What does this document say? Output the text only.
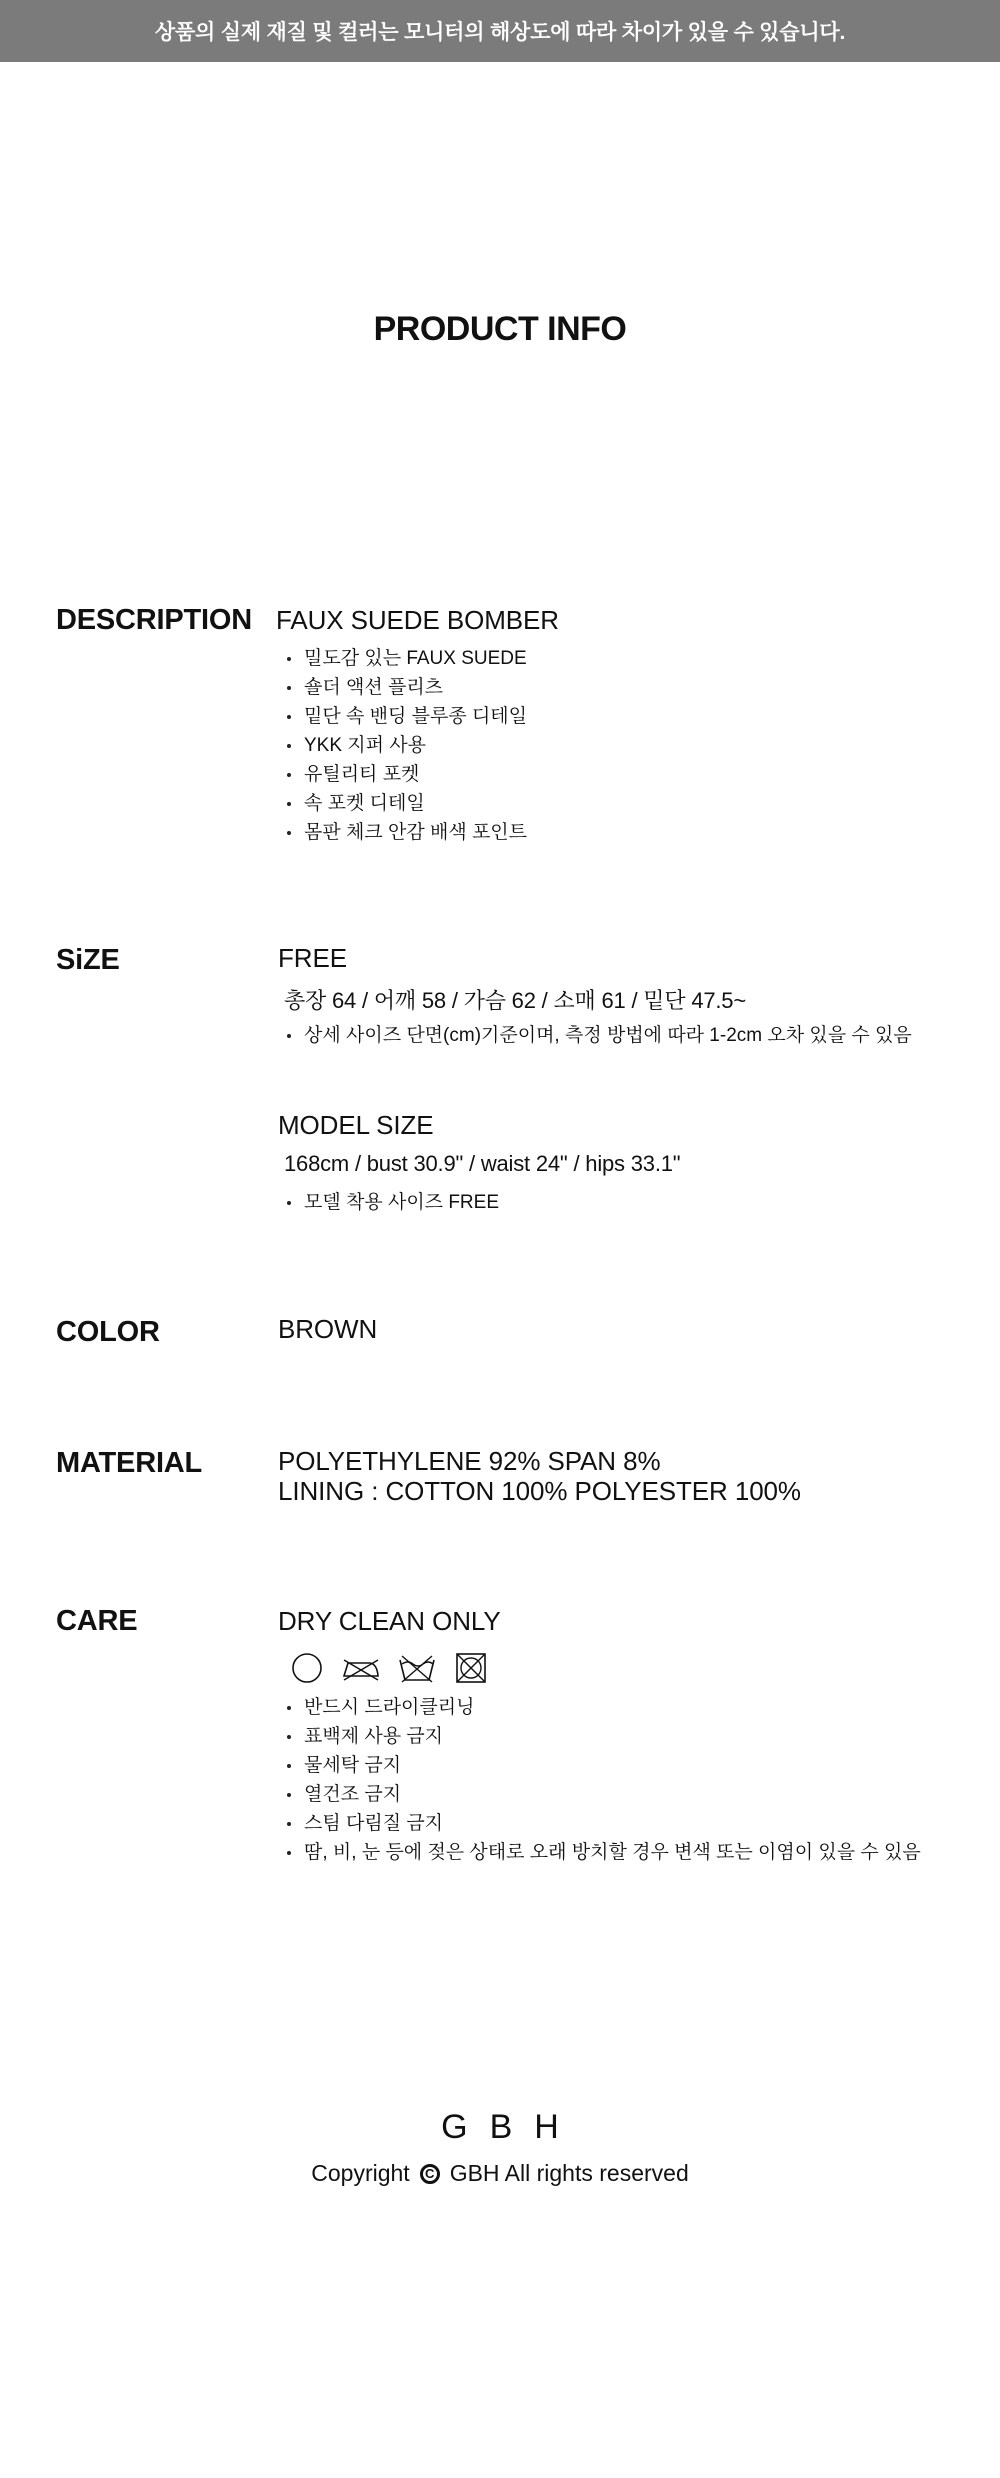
상품의 실제 재질 및 컬러는 모니터의 해상도에 따라 차이가 있을 수 있습니다.
PRODUCT INFO
DESCRIPTION FAUX SUEDE BOMBER
밀도감 있는 FAUX SUEDE
숄더 액션 플리츠
밑단 속 밴딩 블루종 디테일
YKK 지퍼 사용
유틸리티 포켓
속 포켓 디테일
몸판 체크 안감 배색 포인트
SiZE	FREE
총장 64 / 어깨 58 / 가슴 62 / 소매 61 / 밑단 47.5~
상세 사이즈 단면(cm)기준이며, 측정 방법에 따라 1-2cm 오차 있을 수 있음
MODEL SIZE
168cm / bust 30.9" / waist 24" / hips 33.1"
모델 착용 사이즈 FREE
COLOR	BROWN
MATERIAL	POLYETHYLENE 92% SPAN 8%
LINING : COTTON 100% POLYESTER 100%
CARE	DRY CLEAN ONLY
반드시 드라이클리닝
표백제 사용 금지
물세탁 금지
열건조 금지
스팀 다림질 금지
땀, 비, 눈 등에 젖은 상태로 오래 방치할 경우 변색 또는 이염이 있을 수 있음
GBH
Copyright	C GBH All rights reserved
